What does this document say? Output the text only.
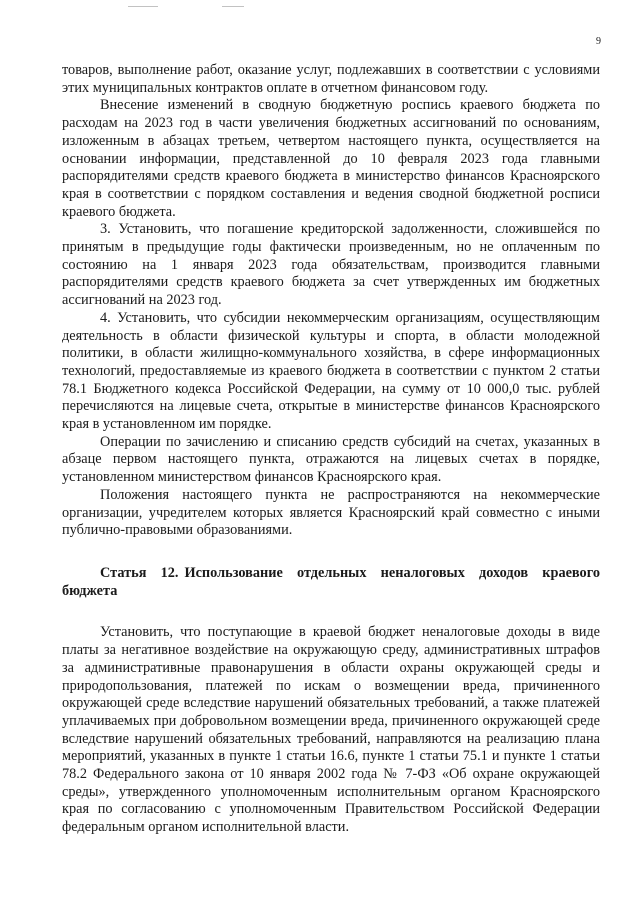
9

товаров, выполнение работ, оказание услуг, подлежавших в соответствии с условиями этих муниципальных контрактов оплате в отчетном финансовом году.

Внесение изменений в сводную бюджетную роспись краевого бюджета по расходам на 2023 год в части увеличения бюджетных ассигнований по основаниям, изложенным в абзацах третьем, четвертом настоящего пункта, осуществляется на основании информации, представленной до 10 февраля 2023 года главными распорядителями средств краевого бюджета в министерство финансов Красноярского края в соответствии с порядком составления и ведения сводной бюджетной росписи краевого бюджета.

3. Установить, что погашение кредиторской задолженности, сложившейся по принятым в предыдущие годы фактически произведенным, но не оплаченным по состоянию на 1 января 2023 года обязательствам, производится главными распорядителями средств краевого бюджета за счет утвержденных им бюджетных ассигнований на 2023 год.

4. Установить, что субсидии некоммерческим организациям, осуществляющим деятельность в области физической культуры и спорта, в области молодежной политики, в области жилищно-коммунального хозяйства, в сфере информационных технологий, предоставляемые из краевого бюджета в соответствии с пунктом 2 статьи 78.1 Бюджетного кодекса Российской Федерации, на сумму от 10 000,0 тыс. рублей перечисляются на лицевые счета, открытые в министерстве финансов Красноярского края в установленном им порядке.

Операции по зачислению и списанию средств субсидий на счетах, указанных в абзаце первом настоящего пункта, отражаются на лицевых счетах в порядке, установленном министерством финансов Красноярского края.

Положения настоящего пункта не распространяются на некоммерческие организации, учредителем которых является Красноярский край совместно с иными публично-правовыми образованиями.

Статья 12. Использование отдельных неналоговых доходов краевого бюджета

Установить, что поступающие в краевой бюджет неналоговые доходы в виде платы за негативное воздействие на окружающую среду, административных штрафов за административные правонарушения в области охраны окружающей среды и природопользования, платежей по искам о возмещении вреда, причиненного окружающей среде вследствие нарушений обязательных требований, а также платежей уплачиваемых при добровольном возмещении вреда, причиненного окружающей среде вследствие нарушений обязательных требований, направляются на реализацию плана мероприятий, указанных в пункте 1 статьи 16.6, пункте 1 статьи 75.1 и пункте 1 статьи 78.2 Федерального закона от 10 января 2002 года № 7-ФЗ «Об охране окружающей среды», утвержденного уполномоченным исполнительным органом Красноярского края по согласованию с уполномоченным Правительством Российской Федерации федеральным органом исполнительной власти.
